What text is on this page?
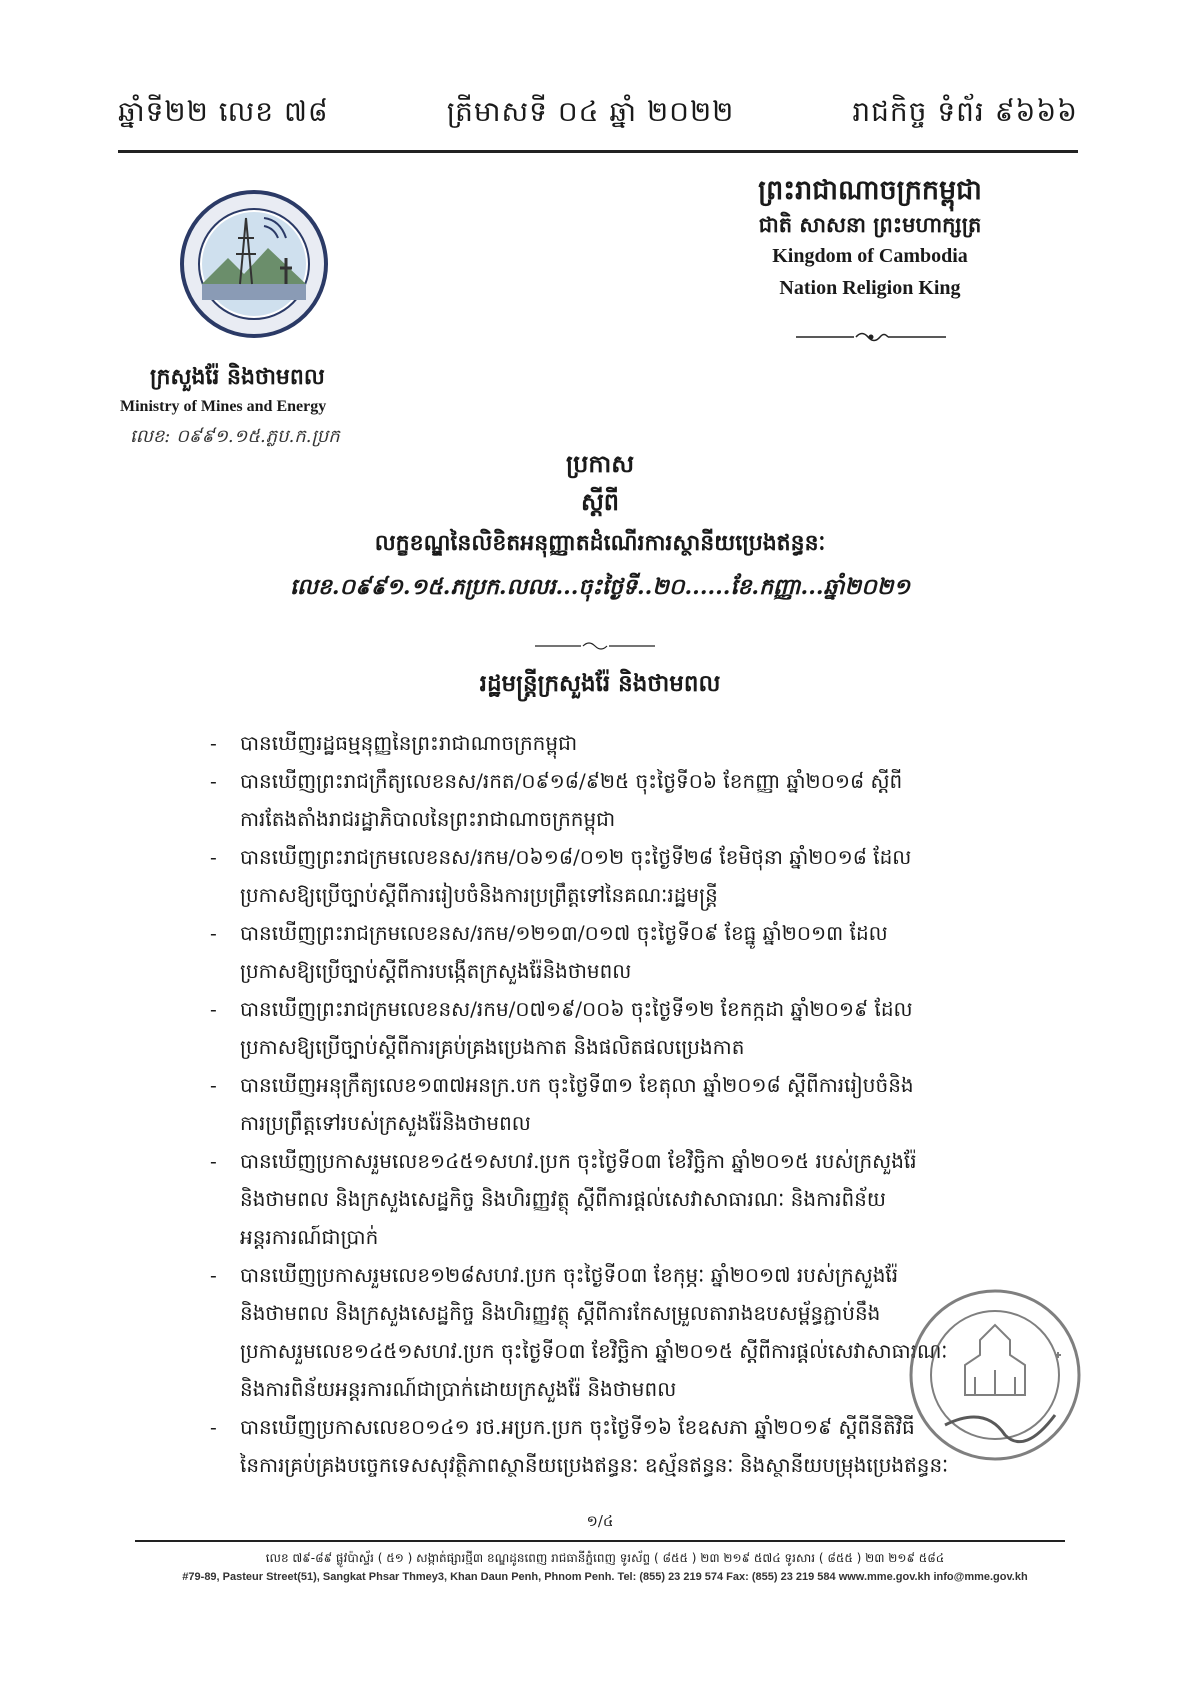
ឆ្នាំទី២២ លេខ ៧៨	ត្រីមាសទី ០៤ ឆ្នាំ ២០២២	រាជកិច្ច ទំព័រ ៩៦៦៦
ព្រះរាជាណាចក្រកម្ពុជា
ជាតិ សាសនា ព្រះមហាក្សត្រ
Kingdom of Cambodia
Nation Religion King
ក្រសួងរ៉ែ និងថាមពល
Ministry of Mines and Energy
លេខ: ០៩៩១.១៥.ភ្លប.ក.ប្រក
ប្រកាស
ស្តីពី
លក្ខខណ្ឌនៃលិខិតអនុញ្ញាតដំណើរការស្ថានីយប្រេងឥន្ធនៈ
លេខ.០៩៩១.១៥.ភប្រក.លលរ...ចុះថ្ងៃទី..២០......ខែ.កញ្ញា...ឆ្នាំ២០២១
រដ្ឋមន្ត្រីក្រសួងរ៉ែ និងថាមពល
- បានឃើញរដ្ឋធម្មនុញ្ញនៃព្រះរាជាណាចក្រកម្ពុជា
- បានឃើញព្រះរាជក្រឹត្យលេខនស/រកត/០៩១៨/៩២៥ ចុះថ្ងៃទី០៦ ខែកញ្ញា ឆ្នាំ២០១៨ ស្តីពី
ការតែងតាំងរាជរដ្ឋាភិបាលនៃព្រះរាជាណាចក្រកម្ពុជា
- បានឃើញព្រះរាជក្រមលេខនស/រកម/០៦១៨/០១២ ចុះថ្ងៃទី២៨ ខែមិថុនា ឆ្នាំ២០១៨ ដែល
ប្រកាសឱ្យប្រើច្បាប់ស្តីពីការរៀបចំនិងការប្រព្រឹត្តទៅនៃគណៈរដ្ឋមន្ត្រី
- បានឃើញព្រះរាជក្រមលេខនស/រកម/១២១៣/០១៧ ចុះថ្ងៃទី០៩ ខែធ្នូ ឆ្នាំ២០១៣ ដែល
ប្រកាសឱ្យប្រើច្បាប់ស្តីពីការបង្កើតក្រសួងរ៉ែនិងថាមពល
- បានឃើញព្រះរាជក្រមលេខនស/រកម/០៧១៩/០០៦ ចុះថ្ងៃទី១២ ខែកក្កដា ឆ្នាំ២០១៩ ដែល
ប្រកាសឱ្យប្រើច្បាប់ស្តីពីការគ្រប់គ្រងប្រេងកាត និងផលិតផលប្រេងកាត
- បានឃើញអនុក្រឹត្យលេខ១៣៧អនក្រ.បក ចុះថ្ងៃទី៣១ ខែតុលា ឆ្នាំ២០១៨ ស្តីពីការរៀបចំនិង
ការប្រព្រឹត្តទៅរបស់ក្រសួងរ៉ែនិងថាមពល
- បានឃើញប្រកាសរួមលេខ១៤៥១សហវ.ប្រក ចុះថ្ងៃទី០៣ ខែវិច្ឆិកា ឆ្នាំ២០១៥ របស់ក្រសួងរ៉ែ
និងថាមពល និងក្រសួងសេដ្ឋកិច្ច និងហិរញ្ញវត្ថុ ស្តីពីការផ្តល់សេវាសាធារណៈ និងការពិន័យ
អន្តរការណ៍ជាប្រាក់
- បានឃើញប្រកាសរួមលេខ១២៨សហវ.ប្រក ចុះថ្ងៃទី០៣ ខែកុម្ភៈ ឆ្នាំ២០១៧ របស់ក្រសួងរ៉ែ
និងថាមពល និងក្រសួងសេដ្ឋកិច្ច និងហិរញ្ញវត្ថុ ស្តីពីការកែសម្រួលតារាងឧបសម្ព័ន្ធភ្ជាប់នឹង
ប្រកាសរួមលេខ១៤៥១សហវ.ប្រក ចុះថ្ងៃទី០៣ ខែវិច្ឆិកា ឆ្នាំ២០១៥ ស្តីពីការផ្តល់សេវាសាធារណៈ
និងការពិន័យអន្តរការណ៍ជាប្រាក់ដោយក្រសួងរ៉ែ និងថាមពល
- បានឃើញប្រកាសលេខ០១៤១ រថ.អប្រក.ប្រក ចុះថ្ងៃទី១៦ ខែឧសភា ឆ្នាំ២០១៩ ស្តីពីនីតិវិធី
នៃការគ្រប់គ្រងបច្ចេកទេសសុវត្ថិភាពស្ថានីយប្រេងឥន្ធនៈ ឧស្ម័នឥន្ធនៈ និងស្ថានីយបម្រុងប្រេងឥន្ធនៈ
១/៤
លេខ ៧៩-៨៩ ផ្លូវប៉ាស្ទ័រ ( ៥១ ) សង្កាត់ផ្សារថ្មី៣ ខណ្ឌដូនពេញ រាជធានីភ្នំពេញ ទូរស័ព្ទ ( ៨៥៥ ) ២៣ ២១៩ ៥៧៤ ទូរសារ ( ៨៥៥ ) ២៣ ២១៩ ៥៨៤
#79-89, Pasteur Street(51), Sangkat Phsar Thmey3, Khan Daun Penh, Phnom Penh. Tel: (855) 23 219 574 Fax: (855) 23 219 584 www.mme.gov.kh info@mme.gov.kh
